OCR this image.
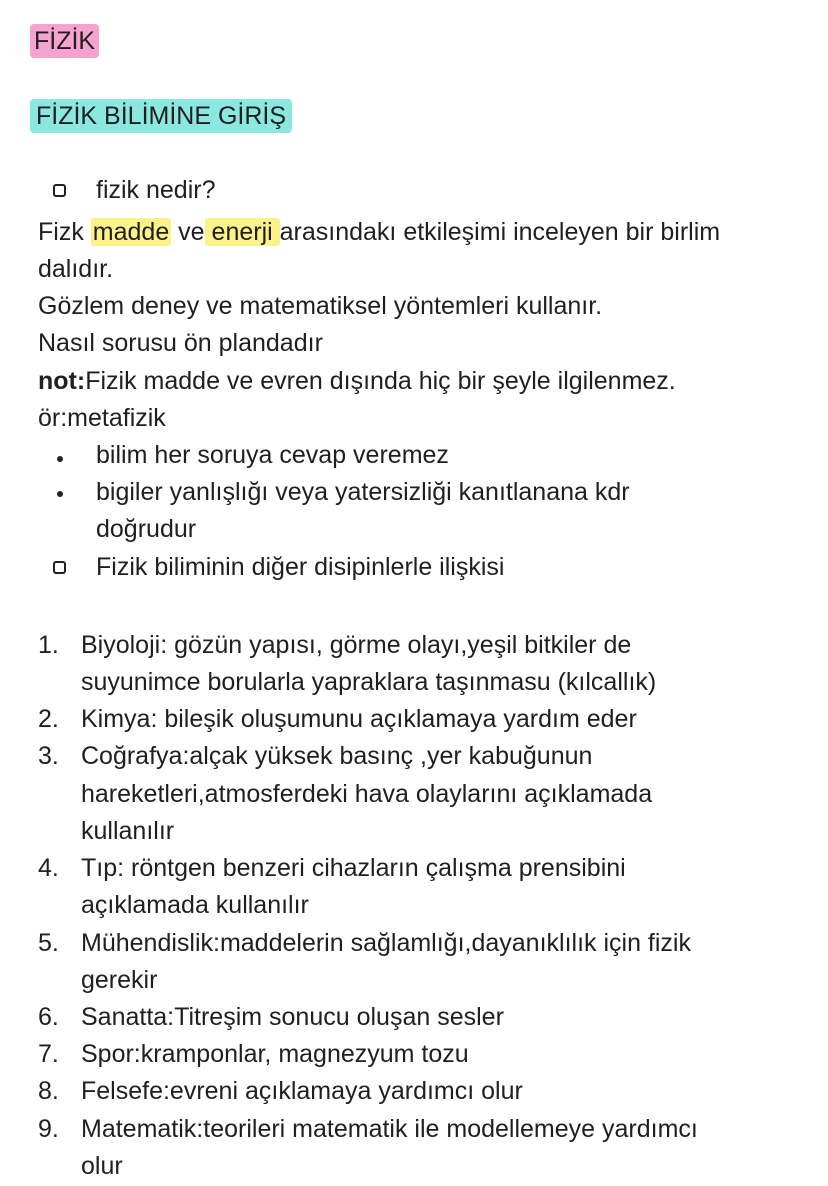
FİZİK
FİZİK BİLİMİNE GİRİŞ
fizik nedir?
Fizk madde ve enerji arasındakı etkileşimi inceleyen bir birlim
dalıdır.
Gözlem deney ve matematiksel yöntemleri kullanır.
Nasıl sorusu ön plandadır
not:Fizik madde ve evren dışında hiç bir şeyle ilgilenmez.
ör:metafizik
bilim her soruya cevap veremez
bigiler yanlışlığı veya yatersizliği kanıtlanana kdr
doğrudur
Fizik biliminin diğer disipinlerle ilişkisi
1. Biyoloji: gözün yapısı, görme olayı,yeşil bitkiler de
suyunimce borularla yapraklara taşınmasu (kılcallık)
2. Kimya: bileşik oluşumunu açıklamaya yardım eder
3. Coğrafya:alçak yüksek basınç ,yer kabuğunun
hareketleri,atmosferdeki hava olaylarını açıklamada
kullanılır
4. Tıp: röntgen benzeri cihazların çalışma prensibini
açıklamada kullanılır
5. Mühendislik:maddelerin sağlamlığı,dayanıklılık için fizik
gerekir
6. Sanatta:Titreşim sonucu oluşan sesler
7. Spor:kramponlar, magnezyum tozu
8. Felsefe:evreni açıklamaya yardımcı olur
9. Matematik:teorileri matematik ile modellemeye yardımcı
olur
